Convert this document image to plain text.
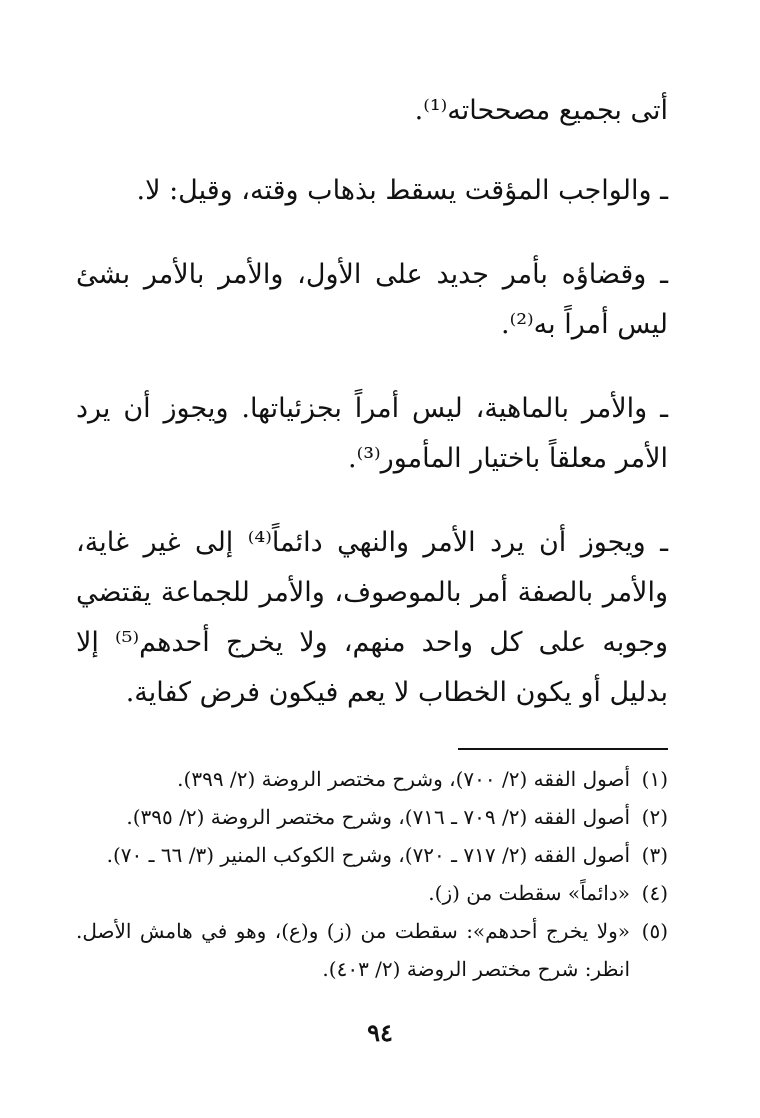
أتى بجميع مصححاته⁽¹⁾.

ـ والواجب المؤقت يسقط بذهاب وقته، وقيل: لا.

ـ وقضاؤه بأمر جديد على الأول، والأمر بالأمر بشئ ليس أمراً به⁽²⁾.

ـ والأمر بالماهية، ليس أمراً بجزئياتها. ويجوز أن يرد الأمر معلقاً باختيار المأمور⁽³⁾.

ـ ويجوز أن يرد الأمر والنهي دائماً⁽⁴⁾ إلى غير غاية، والأمر بالصفة أمر بالموصوف، والأمر للجماعة يقتضي وجوبه على كل واحد منهم، ولا يخرج أحدهم⁽⁵⁾ إلا بدليل أو يكون الخطاب لا يعم فيكون فرض كفاية.

(١)
أصول الفقه (٢/ ٧٠٠)، وشرح مختصر الروضة (٢/ ٣٩٩).
(٢)
أصول الفقه (٢/ ٧٠٩ ـ ٧١٦)، وشرح مختصر الروضة (٢/ ٣٩٥).
(٣)
أصول الفقه (٢/ ٧١٧ ـ ٧٢٠)، وشرح الكوكب المنير (٣/ ٦٦ ـ ٧٠).
(٤)
«دائماً» سقطت من (ز).
(٥)
«ولا يخرج أحدهم»: سقطت من (ز) و(ع)، وهو في هامش الأصل. انظر: شرح مختصر الروضة (٢/ ٤٠٣).
٩٤
